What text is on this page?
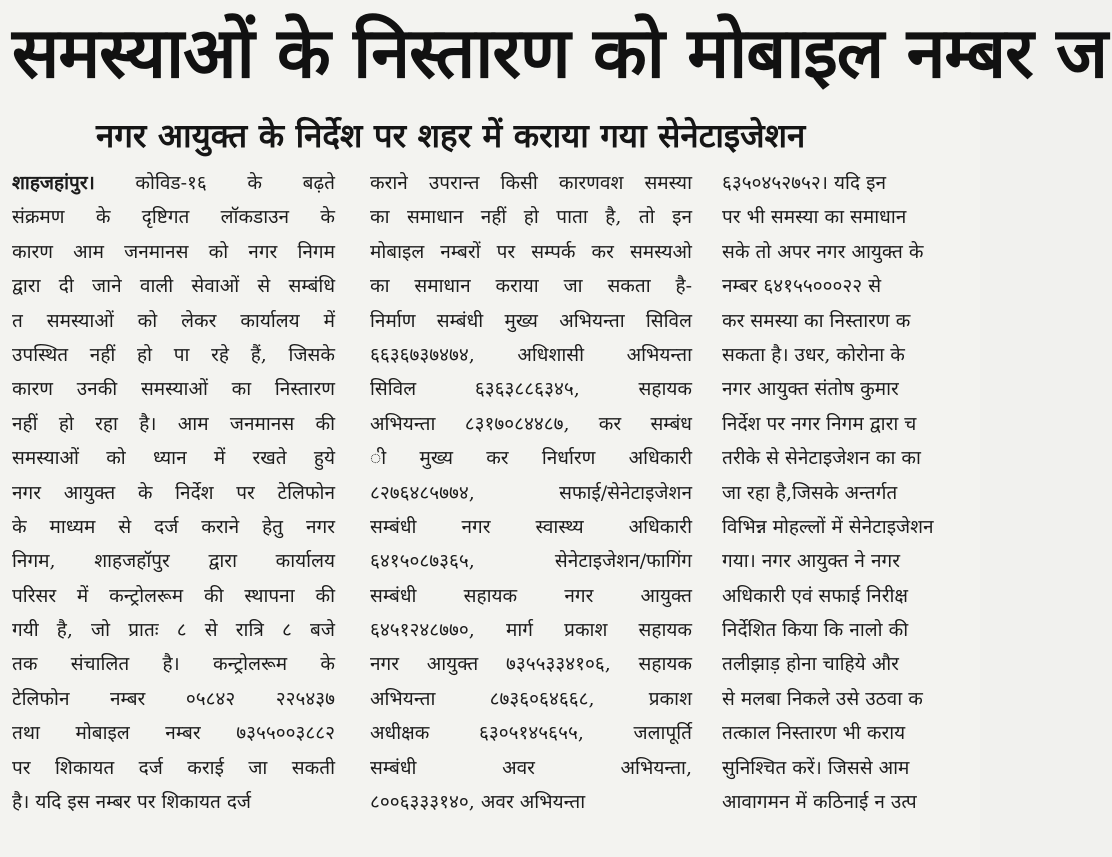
समस्याओं के निस्तारण को मोबाइल नम्बर ज
नगर आयुक्त के निर्देश पर शहर में कराया गया सेनेटाइजेशन
शाहजहांपुर। कोविड-१६ के बढ़ते
संक्रमण के दृष्टिगत लॉकडाउन के
कारण आम जनमानस को नगर निगम
द्वारा दी जाने वाली सेवाओं से सम्बंधि
त समस्याओं को लेकर कार्यालय में
उपस्थित नहीं हो पा रहे हैं, जिसके
कारण उनकी समस्याओं का निस्तारण
नहीं हो रहा है। आम जनमानस की
समस्याओं को ध्यान में रखते हुये
नगर आयुक्त के निर्देश पर टेलिफोन
के माध्यम से दर्ज कराने हेतु नगर
निगम, शाहजहॉपुर द्वारा कार्यालय
परिसर में कन्ट्रोलरूम की स्थापना की
गयी है, जो प्रातः ८ से रात्रि ८ बजे
तक संचालित है। कन्ट्रोलरूम के
टेलिफोन नम्बर ०५८४२ २२५४३७
तथा मोबाइल नम्बर ७३५५००३८८२
पर शिकायत दर्ज कराई जा सकती
है। यदि इस नम्बर पर शिकायत दर्ज
कराने उपरान्त किसी कारणवश समस्या
का समाधान नहीं हो पाता है, तो इन
मोबाइल नम्बरों पर सम्पर्क कर समस्यओ
का समाधान कराया जा सकता है-
निर्माण सम्बंधी मुख्य अभियन्ता सिविल
६६३६७३७४७४, अधिशासी अभियन्ता
सिविल ६३६३८८६३४५, सहायक
अभियन्ता ८३१७०८४४८७, कर सम्बंध
ी मुख्य कर निर्धारण अधिकारी
८२७६४८५७७४, सफाई/सेनेटाइजेशन
सम्बंधी नगर स्वास्थ्य अधिकारी
६४१५०८७३६५, सेनेटाइजेशन/फागिंग
सम्बंधी सहायक नगर आयुक्त
६४५१२४८७७०, मार्ग प्रकाश सहायक
नगर आयुक्त ७३५५३३४१०६, सहायक
अभियन्ता ८७३६०६४६६८, प्रकाश
अधीक्षक ६३०५१४५६५५, जलापूर्ति
सम्बंधी अवर अभियन्ता,
८००६३३३१४०, अवर अभियन्ता
६३५०४५२७५२। यदि इन
पर भी समस्या का समाधान
सके तो अपर नगर आयुक्त के
नम्बर ६४१५५०००२२ से
कर समस्या का निस्तारण क
सकता है। उधर, कोरोना के
नगर आयुक्त संतोष कुमार
निर्देश पर नगर निगम द्वारा च
तरीके से सेनेटाइजेशन का का
जा रहा है,जिसके अन्तर्गत
विभिन्न मोहल्लों में सेनेटाइजेशन
गया। नगर आयुक्त ने नगर
अधिकारी एवं सफाई निरीक्ष
निर्देशित किया कि नालो की
तलीझाड़ होना चाहिये और
से मलबा निकले उसे उठवा क
तत्काल निस्तारण भी कराय
सुनिश्चित करें। जिससे आम
आवागमन में कठिनाई न उत्प
